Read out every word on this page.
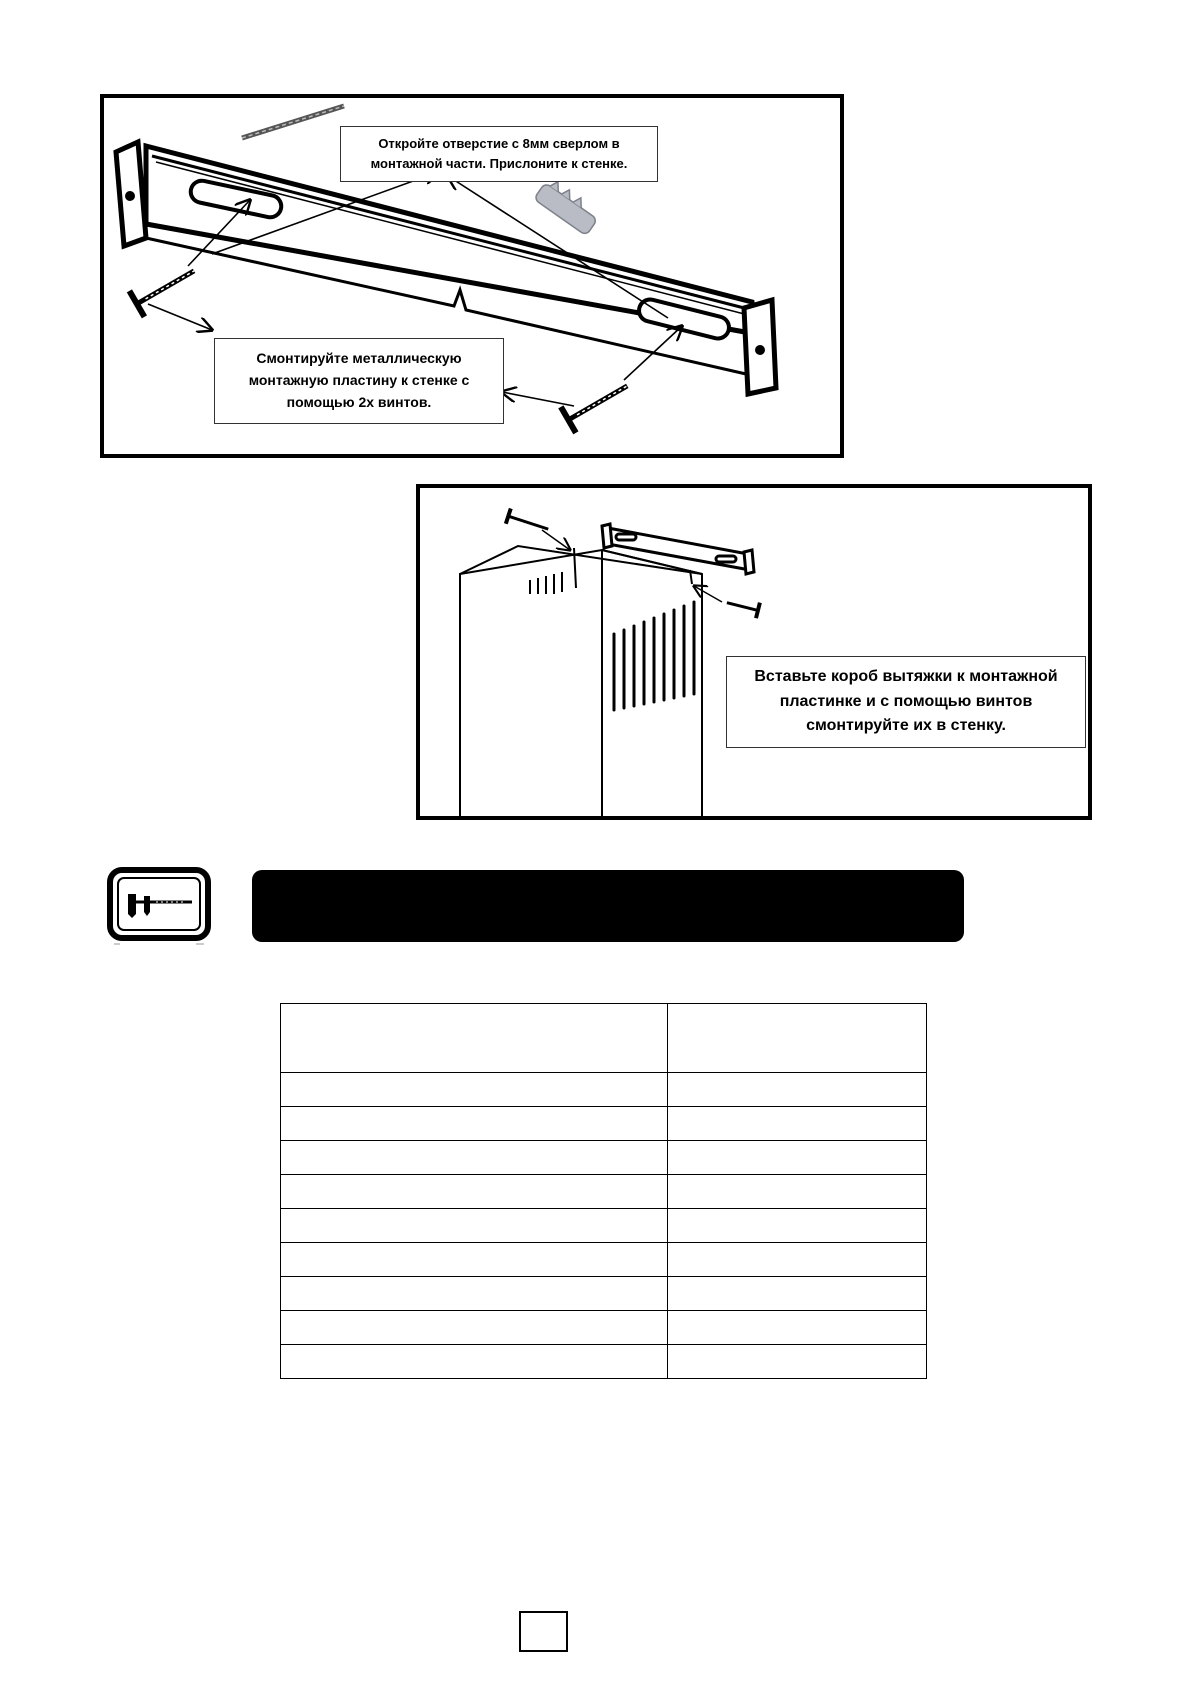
Откройте отверстие с 8мм сверлом в
монтажной части. Прислоните к стенке.
Смонтируйте металлическую
монтажную пластину к стенке с
помощью 2х винтов.
Вставьте короб вытяжки к монтажной
пластинке и с помощью винтов
смонтируйте их в стенку.
